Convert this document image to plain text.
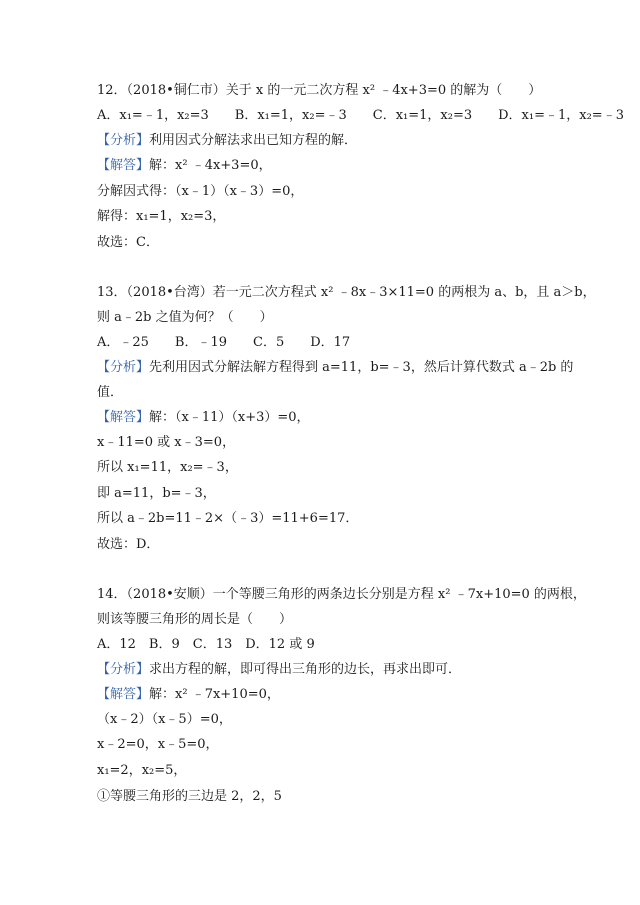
12．（2018•铜仁市）关于 x 的一元二次方程 x² ﹣4x+3=0 的解为（　　）
A．x₁=﹣1，x₂=3　　B．x₁=1，x₂=﹣3　　C．x₁=1，x₂=3　　D．x₁=﹣1，x₂=﹣3
【分析】利用因式分解法求出已知方程的解．
【解答】解：x² ﹣4x+3=0，
分解因式得：（x﹣1）（x﹣3）=0，
解得：x₁=1，x₂=3，
故选：C．
13．（2018•台湾）若一元二次方程式 x² ﹣8x﹣3×11=0 的两根为 a、b，且 a＞b，
则 a﹣2b 之值为何？（　　）
A．﹣25　　B．﹣19　　C．5　　D．17
【分析】先利用因式分解法解方程得到 a=11，b=﹣3，然后计算代数式 a﹣2b 的
值．
【解答】解：（x﹣11）（x+3）=0，
x﹣11=0 或 x﹣3=0，
所以 x₁=11，x₂=﹣3，
即 a=11，b=﹣3，
所以 a﹣2b=11﹣2×（﹣3）=11+6=17．
故选：D．
14．（2018•安顺）一个等腰三角形的两条边长分别是方程 x² ﹣7x+10=0 的两根，
则该等腰三角形的周长是（　　）
A．12　B．9　C．13　D．12 或 9
【分析】求出方程的解，即可得出三角形的边长，再求出即可．
【解答】解：x² ﹣7x+10=0，
（x﹣2）（x﹣5）=0，
x﹣2=0，x﹣5=0，
x₁=2，x₂=5，
①等腰三角形的三边是 2，2，5
